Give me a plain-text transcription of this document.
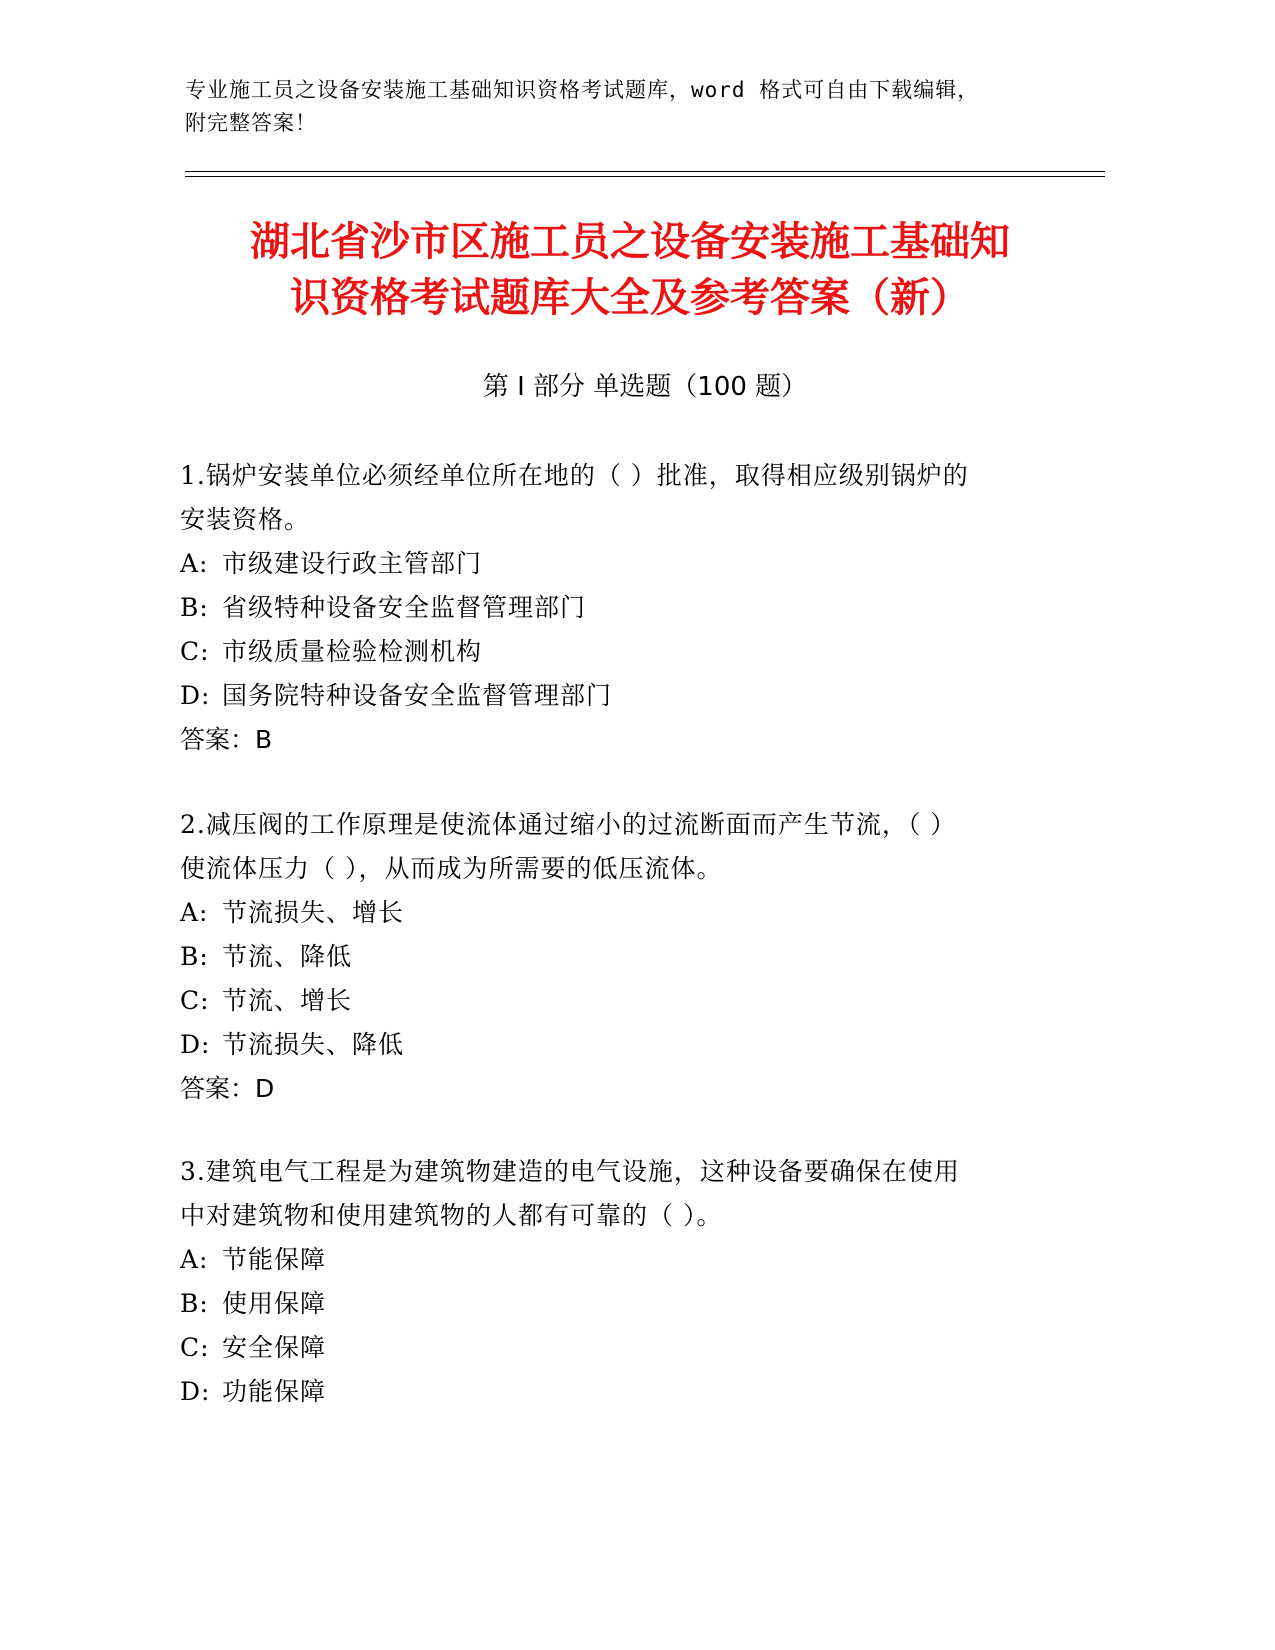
专业施工员之设备安装施工基础知识资格考试题库，word 格式可自由下载编辑，
附完整答案！
湖北省沙市区施工员之设备安装施工基础知
识资格考试题库大全及参考答案（新）
第 I 部分 单选题（100 题）
1.锅炉安装单位必须经单位所在地的（ ）批准，取得相应级别锅炉的
安装资格。
A: 市级建设行政主管部门
B: 省级特种设备安全监督管理部门
C: 市级质量检验检测机构
D: 国务院特种设备安全监督管理部门
答案：B
2.减压阀的工作原理是使流体通过缩小的过流断面而产生节流，（ ）
使流体压力（ ），从而成为所需要的低压流体。
A: 节流损失、增长
B: 节流、降低
C: 节流、增长
D: 节流损失、降低
答案：D
3.建筑电气工程是为建筑物建造的电气设施，这种设备要确保在使用
中对建筑物和使用建筑物的人都有可靠的（ ）。
A: 节能保障
B: 使用保障
C: 安全保障
D: 功能保障
